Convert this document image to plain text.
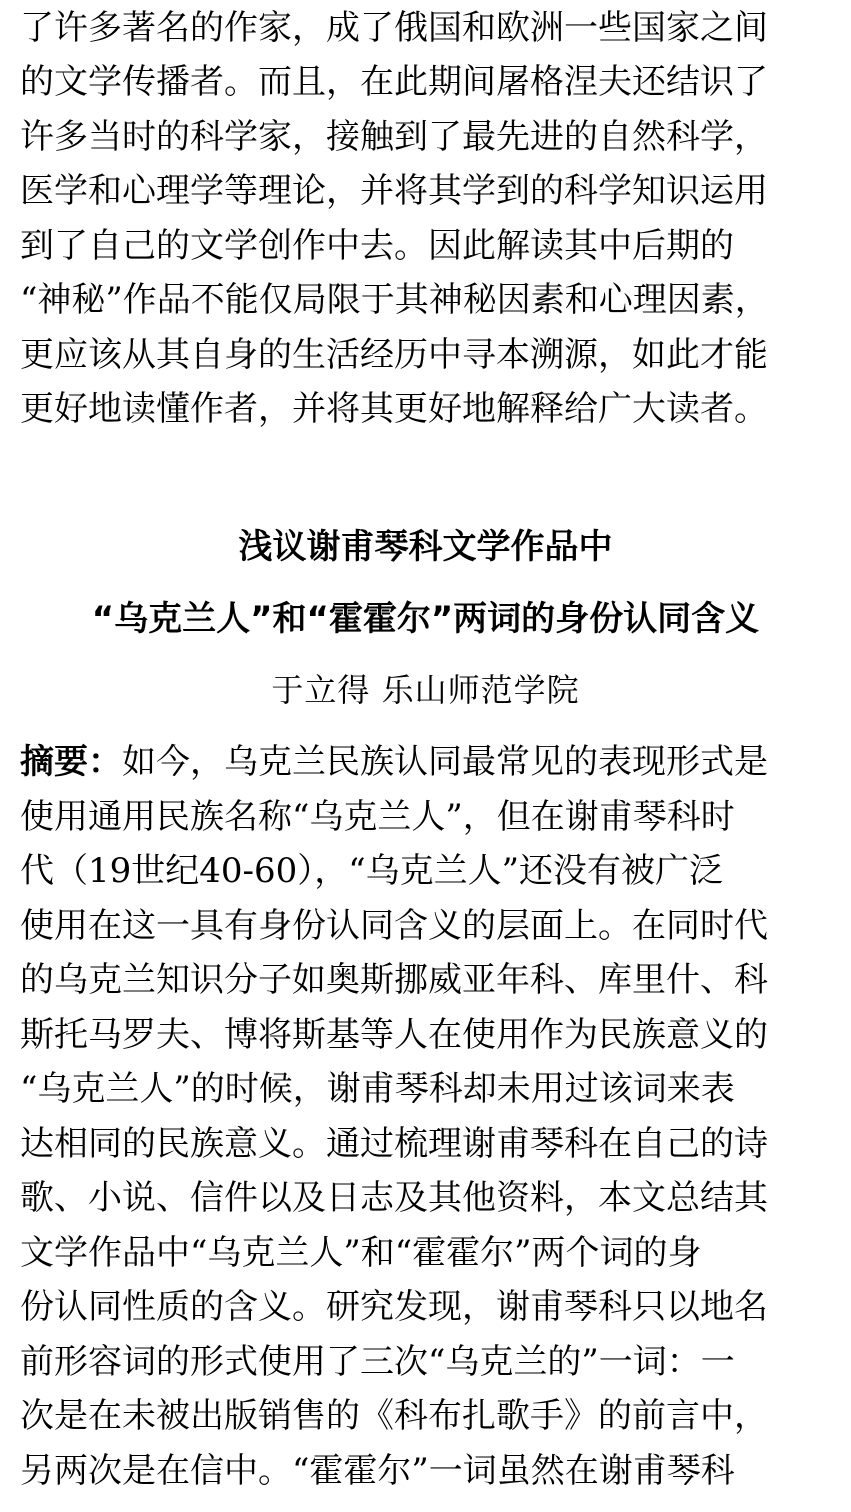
了许多著名的作家，成了俄国和欧洲一些国家之间
的文学传播者。而且，在此期间屠格涅夫还结识了
许多当时的科学家，接触到了最先进的自然科学，
医学和心理学等理论，并将其学到的科学知识运用
到了自己的文学创作中去。因此解读其中后期的
“神秘”作品不能仅局限于其神秘因素和心理因素，
更应该从其自身的生活经历中寻本溯源，如此才能
更好地读懂作者，并将其更好地解释给广大读者。
浅议谢甫琴科文学作品中
“乌克兰人”和“霍霍尔”两词的身份认同含义
于立得 乐山师范学院
摘要：如今，乌克兰民族认同最常见的表现形式是
使用通用民族名称“乌克兰人”，但在谢甫琴科时
代（19世纪40-60），“乌克兰人”还没有被广泛
使用在这一具有身份认同含义的层面上。在同时代
的乌克兰知识分子如奥斯挪威亚年科、库里什、科
斯托马罗夫、博将斯基等人在使用作为民族意义的
“乌克兰人”的时候，谢甫琴科却未用过该词来表
达相同的民族意义。通过梳理谢甫琴科在自己的诗
歌、小说、信件以及日志及其他资料，本文总结其
文学作品中“乌克兰人”和“霍霍尔”两个词的身
份认同性质的含义。研究发现，谢甫琴科只以地名
前形容词的形式使用了三次“乌克兰的”一词：一
次是在未被出版销售的《科布扎歌手》的前言中，
另两次是在信中。“霍霍尔”一词虽然在谢甫琴科
